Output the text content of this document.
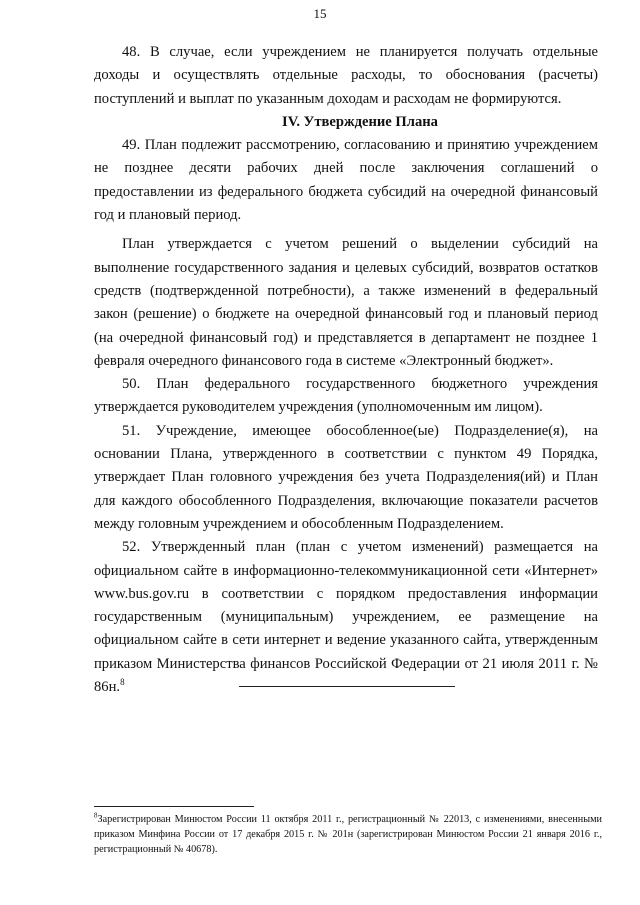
15

48. В случае, если учреждением не планируется получать отдельные доходы и осуществлять отдельные расходы, то обоснования (расчеты) поступлений и выплат по указанным доходам и расходам не формируются.

IV. Утверждение Плана

49. План подлежит рассмотрению, согласованию и принятию учреждением не позднее десяти рабочих дней после заключения соглашений о предоставлении из федерального бюджета субсидий на очередной финансовый год и плановый период.

План утверждается с учетом решений о выделении субсидий на выполнение государственного задания и целевых субсидий, возвратов остатков средств (подтвержденной потребности), а также изменений в федеральный закон (решение) о бюджете на очередной финансовый год и плановый период (на очередной финансовый год) и представляется в департамент не позднее 1 февраля очередного финансового года в системе «Электронный бюджет».

50. План федерального государственного бюджетного учреждения утверждается руководителем учреждения (уполномоченным им лицом).

51. Учреждение, имеющее обособленное(ые) Подразделение(я), на основании Плана, утвержденного в соответствии с пунктом 49 Порядка, утверждает План головного учреждения без учета Подразделения(ий) и План для каждого обособленного Подразделения, включающие показатели расчетов между головным учреждением и обособленным Подразделением.

52. Утвержденный план (план с учетом изменений) размещается на официальном сайте в информационно-телекоммуникационной сети «Интернет» www.bus.gov.ru в соответствии с порядком предоставления информации государственным (муниципальным) учреждением, ее размещение на официальном сайте в сети интернет и ведение указанного сайта, утвержденным приказом Министерства финансов Российской Федерации от 21 июля 2011 г. № 86н.$^8$

$^8$Зарегистрирован Минюстом России 11 октября 2011 г., регистрационный № 22013, с изменениями, внесенными приказом Минфина России от 17 декабря 2015 г. № 201н (зарегистрирован Минюстом России 21 января 2016 г., регистрационный № 40678).
